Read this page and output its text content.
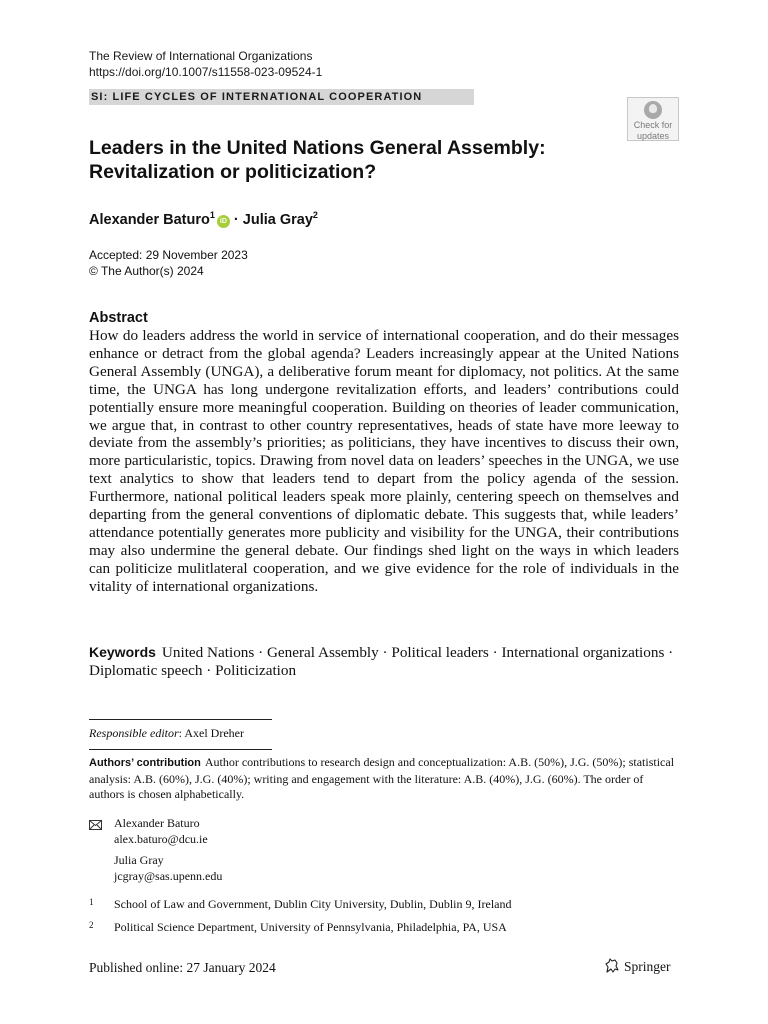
The Review of International Organizations
https://doi.org/10.1007/s11558-023-09524-1
SI: LIFE CYCLES OF INTERNATIONAL COOPERATION
Check for
updates
Leaders in the United Nations General Assembly:
Revitalization or politicization?
Alexander Baturo$^1$iD · Julia Gray$^2$
Accepted: 29 November 2023
© The Author(s) 2024
Abstract
How do leaders address the world in service of international cooperation, and do their messages enhance or detract from the global agenda? Leaders increasingly appear at the United Nations General Assembly (UNGA), a deliberative forum meant for diplomacy, not politics. At the same time, the UNGA has long undergone revitalization efforts, and leaders’ contributions could potentially ensure more meaningful cooperation. Building on theories of leader communication, we argue that, in contrast to other country representatives, heads of state have more leeway to deviate from the assembly’s priorities; as politicians, they have incentives to discuss their own, more particularistic, topics. Drawing from novel data on leaders’ speeches in the UNGA, we use text analytics to show that leaders tend to depart from the policy agenda of the session. Furthermore, national political leaders speak more plainly, centering speech on themselves and departing from the general conventions of diplomatic debate. This suggests that, while leaders’ attendance potentially generates more publicity and visibility for the UNGA, their contributions may also undermine the general debate. Our findings shed light on the ways in which leaders can politicize mulitlateral cooperation, and we give evidence for the role of individuals in the vitality of international organizations.
Keywords United Nations · General Assembly · Political leaders · International organizations · Diplomatic speech · Politicization
Responsible editor: Axel Dreher
Authors’ contribution Author contributions to research design and conceptualization: A.B. (50%), J.G. (50%); statistical analysis: A.B. (60%), J.G. (40%); writing and engagement with the literature: A.B. (40%), J.G. (60%). The order of authors is chosen alphabetically.
Alexander Baturo
alex.baturo@dcu.ie
Julia Gray
jcgray@sas.upenn.edu
1 School of Law and Government, Dublin City University, Dublin, Dublin 9, Ireland
2 Political Science Department, University of Pennsylvania, Philadelphia, PA, USA
Published online: 27 January 2024	Springer
